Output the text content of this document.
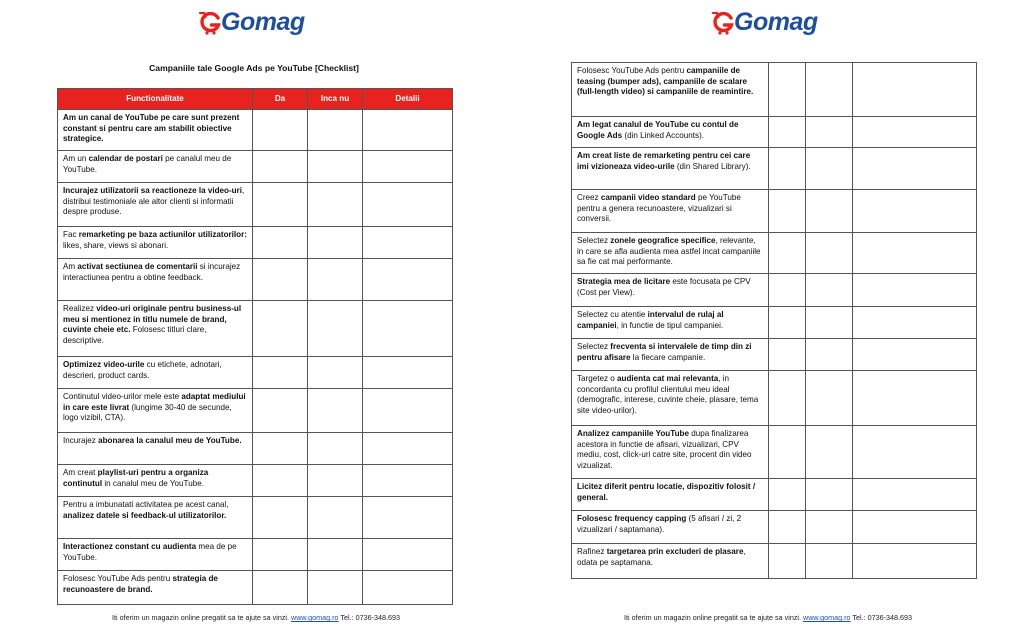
Gomag
Campaniile tale Google Ads pe YouTube [Checklist]
Functionalitate	Da	Inca nu	Detalii
Am un canal de YouTube pe care sunt prezent constant si pentru care am stabilit obiective strategice.			
Am un calendar de postari pe canalul meu de YouTube.			
Incurajez utilizatorii sa reactioneze la video-uri, distribui testimoniale ale altor clienti si informatii despre produse.			
Fac remarketing pe baza actiunilor utilizatorilor: likes, share, views si abonari.			
Am activat sectiunea de comentarii si incurajez interactiunea pentru a obtine feedback.			
Realizez video-uri originale pentru business-ul meu si mentionez in titlu numele de brand, cuvinte cheie etc. Folosesc titluri clare, descriptive.			
Optimizez video-urile cu etichete, adnotari, descrieri, product cards.			
Continutul video-urilor mele este adaptat mediului in care este livrat (lungime 30-40 de secunde, logo vizibil, CTA).			
Incurajez abonarea la canalul meu de YouTube.			
Am creat playlist-uri pentru a organiza continutul in canalul meu de YouTube.			
Pentru a imbunatati activitatea pe acest canal, analizez datele si feedback-ul utilizatorilor.			
Interactionez constant cu audienta mea de pe YouTube.			
Folosesc YouTube Ads pentru strategia de recunoastere de brand.			
Iti oferim un magazin online pregatit sa te ajute sa vinzi. www.gomag.ro Tel.: 0736-348.693
Gomag
Folosesc YouTube Ads pentru campaniile de teasing (bumper ads), campaniile de scalare (full-length video) si campaniile de reamintire.			
Am legat canalul de YouTube cu contul de Google Ads (din Linked Accounts).			
Am creat liste de remarketing pentru cei care imi vizioneaza video-urile (din Shared Library).			
Creez campanii video standard pe YouTube pentru a genera recunoastere, vizualizari si conversii.			
Selectez zonele geografice specifice, relevante, in care se afla audienta mea astfel incat campaniile sa fie cat mai performante.			
Strategia mea de licitare este focusata pe CPV (Cost per View).			
Selectez cu atentie intervalul de rulaj al campaniei, in functie de tipul campaniei.			
Selectez frecventa si intervalele de timp din zi pentru afisare la fiecare campanie.			
Targetez o audienta cat mai relevanta, in concordanta cu profilul clientului meu ideal (demografic, interese, cuvinte cheie, plasare, tema site video-urilor).			
Analizez campaniile YouTube dupa finalizarea acestora in functie de afisari, vizualizari, CPV mediu, cost, click-uri catre site, procent din video vizualizat.			
Licitez diferit pentru locatie, dispozitiv folosit / general.			
Folosesc frequency capping (5 afisari / zi, 2 vizualizari / saptamana).			
Rafinez targetarea prin excluderi de plasare, odata pe saptamana.			
Iti oferim un magazin online pregatit sa te ajute sa vinzi. www.gomag.ro Tel.: 0736-348.693
